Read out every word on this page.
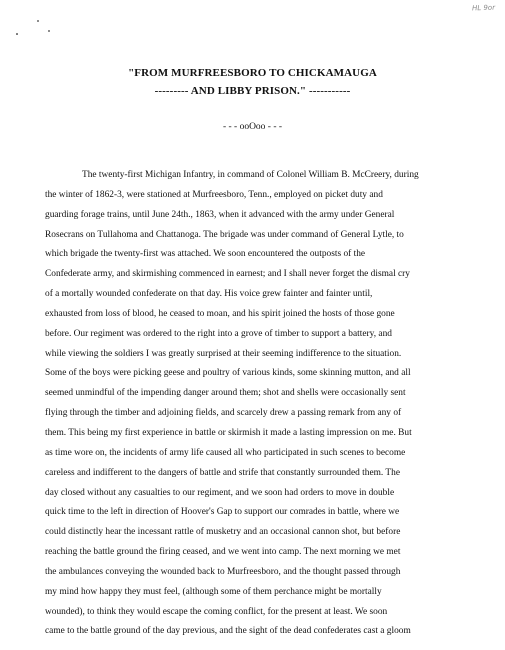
HL 9or
"FROM MURFREESBORO TO CHICKAMAUGA
--------- AND LIBBY PRISON." -----------
- - - ooOoo - - -
The twenty-first Michigan Infantry, in command of Colonel William B. McCreery, during
the winter of 1862-3, were stationed at Murfreesboro, Tenn., employed on picket duty and
guarding forage trains, until June 24th., 1863, when it advanced with the army under General
Rosecrans on Tullahoma and Chattanoga. The brigade was under command of General Lytle, to
which brigade the twenty-first was attached. We soon encountered the outposts of the
Confederate army, and skirmishing commenced in earnest; and I shall never forget the dismal cry
of a mortally wounded confederate on that day. His voice grew fainter and fainter until,
exhausted from loss of blood, he ceased to moan, and his spirit joined the hosts of those gone
before. Our regiment was ordered to the right into a grove of timber to support a battery, and
while viewing the soldiers I was greatly surprised at their seeming indifference to the situation.
Some of the boys were picking geese and poultry of various kinds, some skinning mutton, and all
seemed unmindful of the impending danger around them; shot and shells were occasionally sent
flying through the timber and adjoining fields, and scarcely drew a passing remark from any of
them. This being my first experience in battle or skirmish it made a lasting impression on me. But
as time wore on, the incidents of army life caused all who participated in such scenes to become
careless and indifferent to the dangers of battle and strife that constantly surrounded them. The
day closed without any casualties to our regiment, and we soon had orders to move in double
quick time to the left in direction of Hoover's Gap to support our comrades in battle, where we
could distinctly hear the incessant rattle of musketry and an occasional cannon shot, but before
reaching the battle ground the firing ceased, and we went into camp. The next morning we met
the ambulances conveying the wounded back to Murfreesboro, and the thought passed through
my mind how happy they must feel, (although some of them perchance might be mortally
wounded), to think they would escape the coming conflict, for the present at least. We soon
came to the battle ground of the day previous, and the sight of the dead confederates cast a gloom
